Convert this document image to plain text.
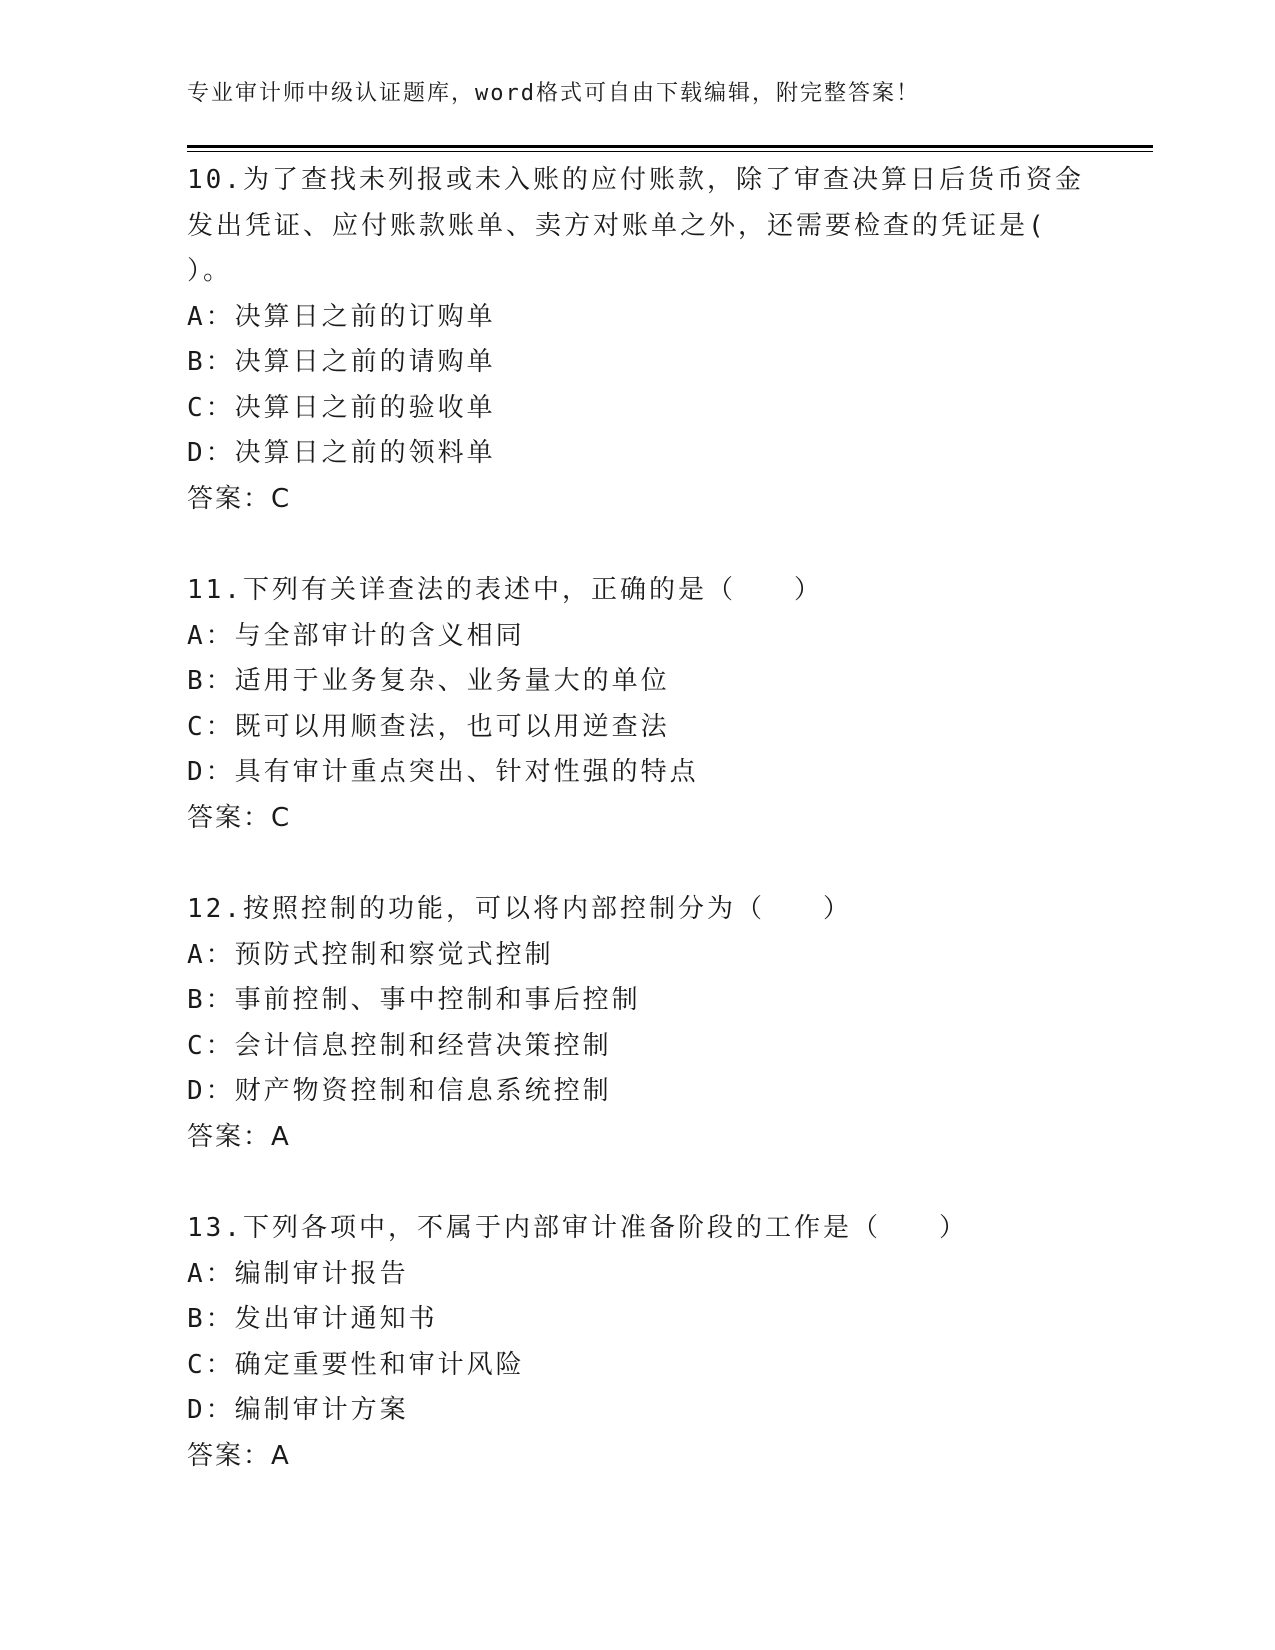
专业审计师中级认证题库，word格式可自由下载编辑，附完整答案！
10.为了查找未列报或未入账的应付账款，除了审查决算日后货币资金
发出凭证、应付账款账单、卖方对账单之外，还需要检查的凭证是(
）。
A：决算日之前的订购单
B：决算日之前的请购单
C：决算日之前的验收单
D：决算日之前的领料单
答案：C
11.下列有关详查法的表述中，正确的是（　　）
A：与全部审计的含义相同
B：适用于业务复杂、业务量大的单位
C：既可以用顺查法，也可以用逆查法
D：具有审计重点突出、针对性强的特点
答案：C
12.按照控制的功能，可以将内部控制分为（　　）
A：预防式控制和察觉式控制
B：事前控制、事中控制和事后控制
C：会计信息控制和经营决策控制
D：财产物资控制和信息系统控制
答案：A
13.下列各项中，不属于内部审计准备阶段的工作是（　　）
A：编制审计报告
B：发出审计通知书
C：确定重要性和审计风险
D：编制审计方案
答案：A
